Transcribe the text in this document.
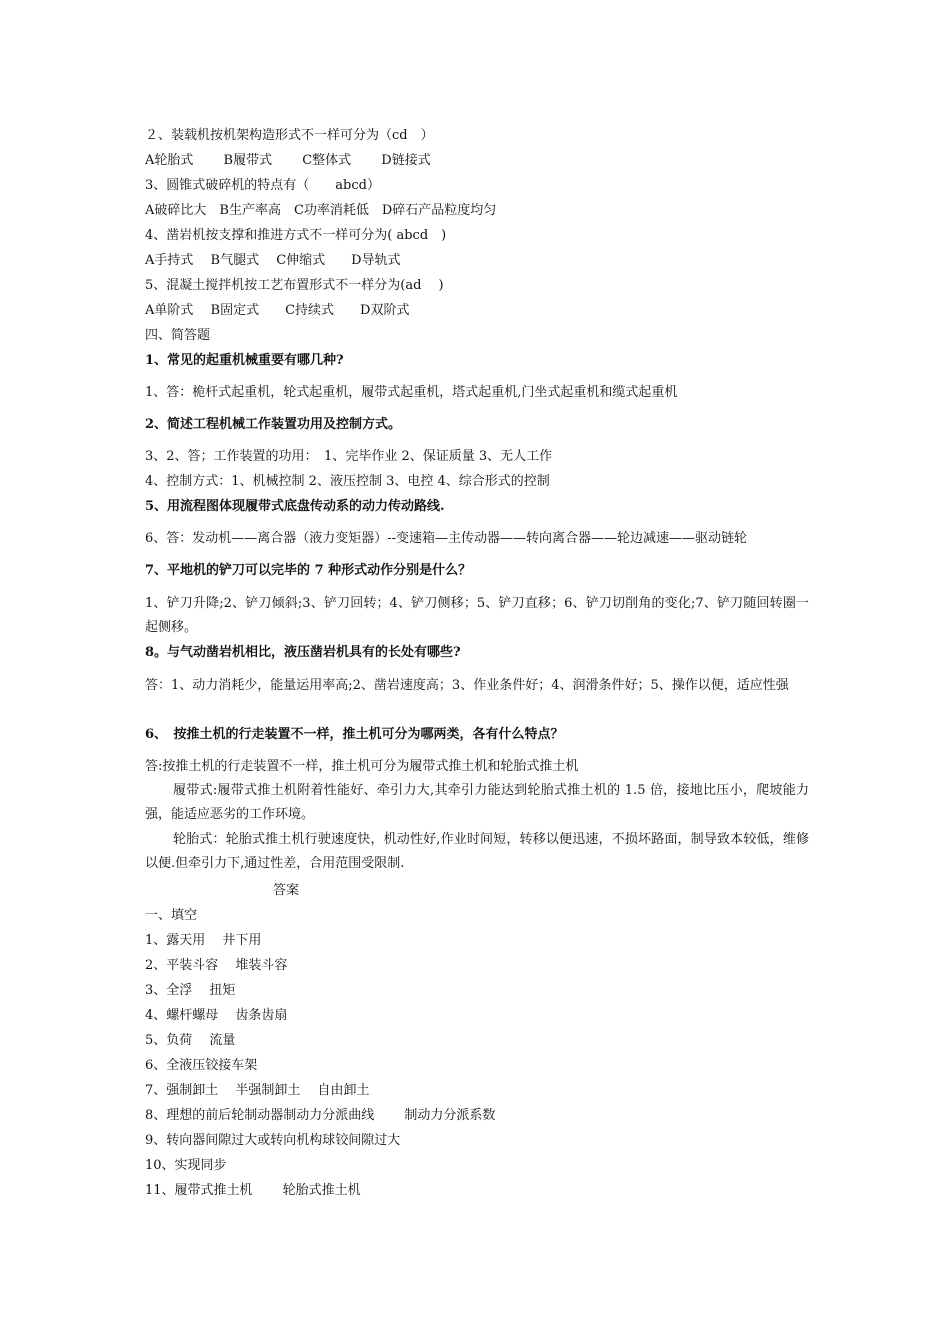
２、装载机按机架构造形式不一样可分为（cd　）
A轮胎式　　 B履带式　　 C整体式　　 D链接式
3、圆锥式破碎机的特点有（　　abcd）
A破碎比大　B生产率高　C功率消耗低　D碎石产品粒度均匀
4、凿岩机按支撑和推进方式不一样可分为( abcd　)
A手持式　 B气腿式　 C伸缩式　　D导轨式
5、混凝土搅拌机按工艺布置形式不一样分为(ad　 )
A单阶式　 B固定式　　C持续式　　D双阶式
四、简答题
1、常见的起重机械重要有哪几种?
1、答：桅杆式起重机，轮式起重机，履带式起重机，塔式起重机,门坐式起重机和缆式起重机
2、简述工程机械工作装置功用及控制方式。
3、2、答；工作装置的功用：　1、完毕作业 2、保证质量 3、无人工作
4、控制方式：1、机械控制 2、液压控制 3、电控 4、综合形式的控制
5、用流程图体现履带式底盘传动系的动力传动路线.
6、答：发动机——离合器（液力变矩器）--变速箱—主传动器——转向离合器——轮边减速——驱动链轮
7、平地机的铲刀可以完毕的 7 种形式动作分别是什么？
1、铲刀升降;2、铲刀倾斜;3、铲刀回转；4、铲刀侧移；5、铲刀直移；6、铲刀切削角的变化;7、铲刀随回转圈一起侧移。
8。与气动凿岩机相比，液压凿岩机具有的长处有哪些?
答：1、动力消耗少，能量运用率高;2、凿岩速度高；3、作业条件好；4、润滑条件好；5、操作以便，适应性强
6、　按推土机的行走装置不一样，推土机可分为哪两类，各有什么特点？
答:按推土机的行走装置不一样，推土机可分为履带式推土机和轮胎式推土机
履带式:履带式推土机附着性能好、牵引力大,其牵引力能达到轮胎式推土机的 1.5 倍，接地比压小，爬坡能力强，能适应恶劣的工作环境。
轮胎式：轮胎式推土机行驶速度快，机动性好,作业时间短，转移以便迅速，不损坏路面，制导致本较低，维修以便.但牵引力下,通过性差，合用范围受限制.
答案
一、填空
1、露天用　 井下用
2、平装斗容　 堆装斗容
3、全浮　 扭矩
4、螺杆螺母　 齿条齿扇
5、负荷　 流量
6、全液压铰接车架
7、强制卸土　 半强制卸土　 自由卸土
8、理想的前后轮制动器制动力分派曲线　　 制动力分派系数
9、转向器间隙过大或转向机构球铰间隙过大
10、实现同步
11、履带式推土机　　 轮胎式推土机
